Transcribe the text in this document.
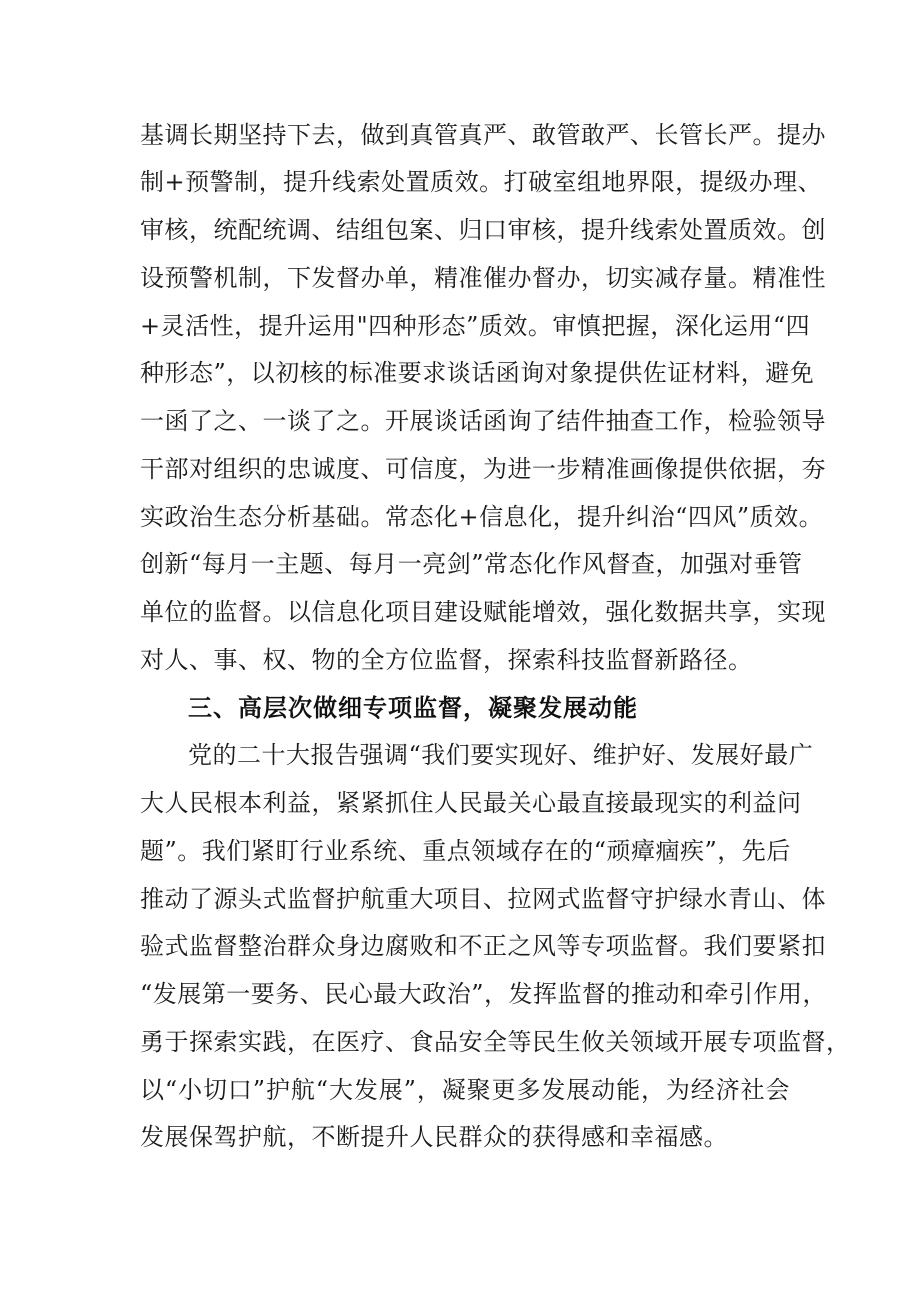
基调长期坚持下去，做到真管真严、敢管敢严、长管长严。提办
制+预警制，提升线索处置质效。打破室组地界限，提级办理、
审核，统配统调、结组包案、归口审核，提升线索处置质效。创
设预警机制，下发督办单，精准催办督办，切实减存量。精准性
+灵活性，提升运用"四种形态”质效。审慎把握，深化运用“四
种形态”，以初核的标准要求谈话函询对象提供佐证材料，避免
一函了之、一谈了之。开展谈话函询了结件抽查工作，检验领导
干部对组织的忠诚度、可信度，为进一步精准画像提供依据，夯
实政治生态分析基础。常态化+信息化，提升纠治“四风”质效。
创新“每月一主题、每月一亮剑”常态化作风督查，加强对垂管
单位的监督。以信息化项目建设赋能增效，强化数据共享，实现
对人、事、权、物的全方位监督，探索科技监督新路径。
三、高层次做细专项监督，凝聚发展动能
党的二十大报告强调“我们要实现好、维护好、发展好最广
大人民根本利益，紧紧抓住人民最关心最直接最现实的利益问
题”。我们紧盯行业系统、重点领域存在的“顽瘴痼疾”，先后
推动了源头式监督护航重大项目、拉网式监督守护绿水青山、体
验式监督整治群众身边腐败和不正之风等专项监督。我们要紧扣
“发展第一要务、民心最大政治”，发挥监督的推动和牵引作用，
勇于探索实践，在医疗、食品安全等民生攸关领域开展专项监督，
以“小切口”护航“大发展”，凝聚更多发展动能，为经济社会
发展保驾护航，不断提升人民群众的获得感和幸福感。
